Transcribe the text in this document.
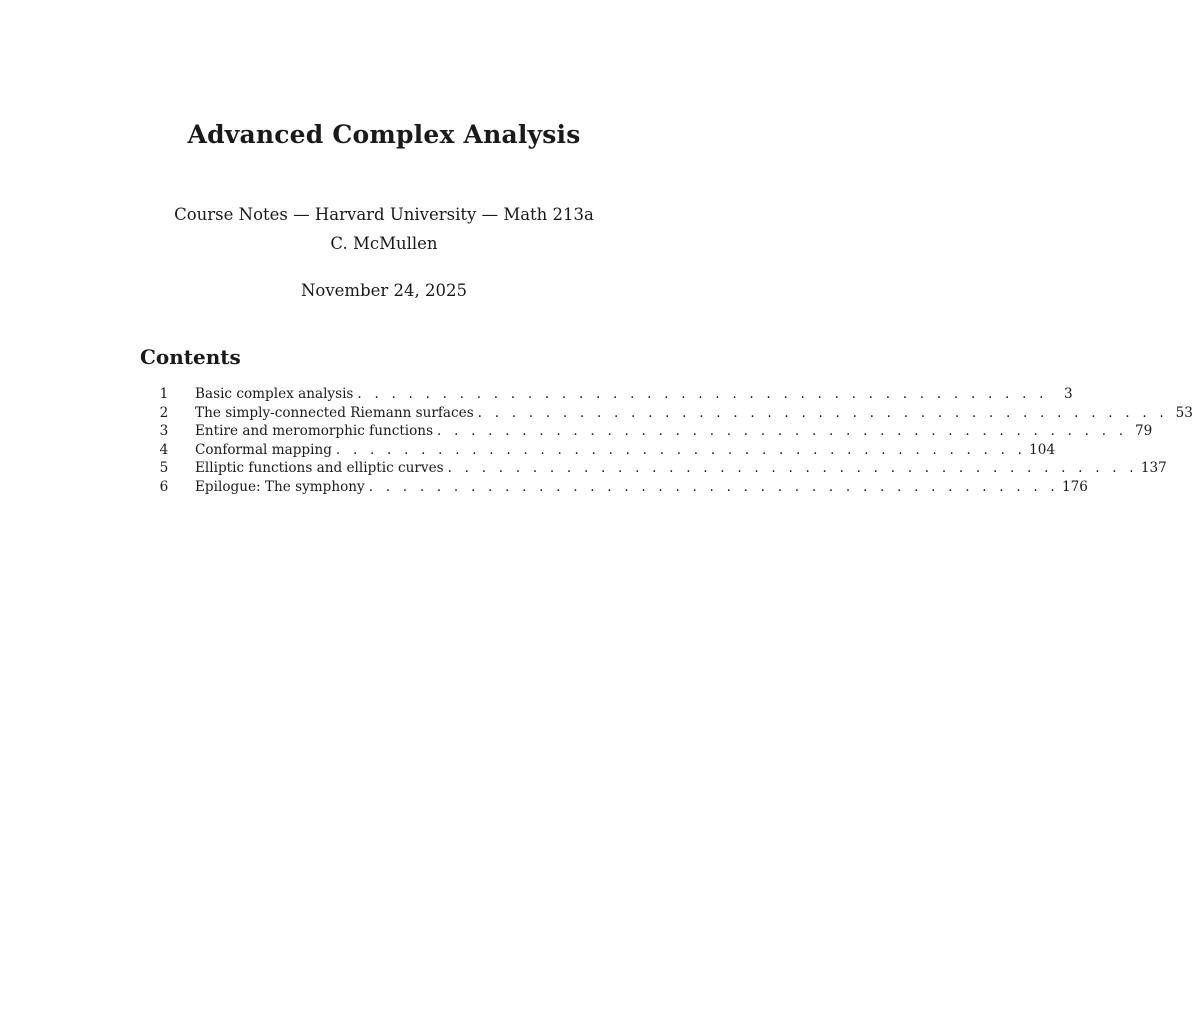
Advanced Complex Analysis
Course Notes — Harvard University — Math 213a
C. McMullen
November 24, 2025
Contents
1	Basic complex analysis . . . . . . . . . . . . . . . . . . . . . . . . . . . . . . . . . . . . . . . . .	3
2	The simply-connected Riemann surfaces . . . . . . . . . . . . . . . . . . . . . . . . . . . . . . . . . . . . . . . . . 53
3	Entire and meromorphic functions . . . . . . . . . . . . . . . . . . . . . . . . . . . . . . . . . . . . . . . . . 79
4	Conformal mapping . . . . . . . . . . . . . . . . . . . . . . . . . . . . . . . . . . . . . . . . . 104
5	Elliptic functions and elliptic curves . . . . . . . . . . . . . . . . . . . . . . . . . . . . . . . . . . . . . . . . . 137
6	Epilogue: The symphony . . . . . . . . . . . . . . . . . . . . . . . . . . . . . . . . . . . . . . . . . 176
